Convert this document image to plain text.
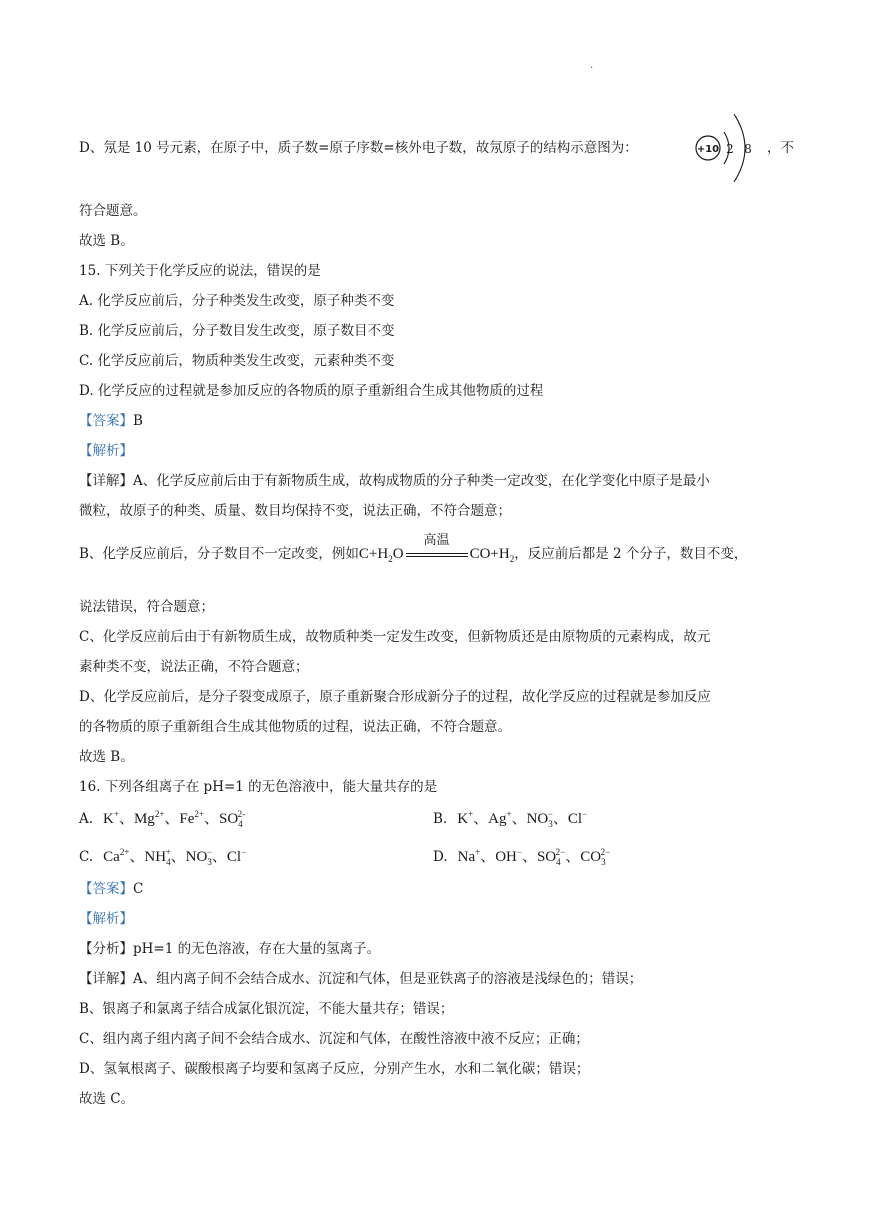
.
D、氖是 10 号元素，在原子中，质子数=原子序数=核外电子数，故氖原子的结构示意图为：	+10 2 8 ，不
符合题意。
故选 B。
15. 下列关于化学反应的说法，错误的是
A. 化学反应前后，分子种类发生改变，原子种类不变
B. 化学反应前后，分子数目发生改变，原子数目不变
C. 化学反应前后，物质种类发生改变，元素种类不变
D. 化学反应的过程就是参加反应的各物质的原子重新组合生成其他物质的过程
【答案】B
【解析】
【详解】A、化学反应前后由于有新物质生成，故构成物质的分子种类一定改变，在化学变化中原子是最小
微粒，故原子的种类、质量、数目均保持不变，说法正确，不符合题意；
B、化学反应前后，分子数目不一定改变，例如$C+H_2O$
高温
$CO+H_2$，反应前后都是 2 个分子，数目不变，
说法错误，符合题意；
C、化学反应前后由于有新物质生成，故物质种类一定发生改变，但新物质还是由原物质的元素构成，故元
素种类不变，说法正确，不符合题意；
D、化学反应前后，是分子裂变成原子，原子重新聚合形成新分子的过程，故化学反应的过程就是参加反应
的各物质的原子重新组合生成其他物质的过程，说法正确，不符合题意。
故选 B。
16. 下列各组离子在 pH=1 的无色溶液中，能大量共存的是
A. K+、$Mg^{2+}$、$Fe^{2+}$、$SO_4^{2-}$	B. K+、Ag+、$NO_3^-$、Cl−
C. $Ca^{2+}$、$NH_4^+$、$NO_3^-$、Cl−	D. Na+、OH−、$SO_4^{2-}$、$CO_3^{2-}$
【答案】C
【解析】
【分析】pH=1 的无色溶液，存在大量的氢离子。
【详解】A、组内离子间不会结合成水、沉淀和气体，但是亚铁离子的溶液是浅绿色的；错误；
B、银离子和氯离子结合成氯化银沉淀，不能大量共存；错误；
C、组内离子组内离子间不会结合成水、沉淀和气体，在酸性溶液中液不反应；正确；
D、氢氧根离子、碳酸根离子均要和氢离子反应，分别产生水，水和二氧化碳；错误；
故选 C。
